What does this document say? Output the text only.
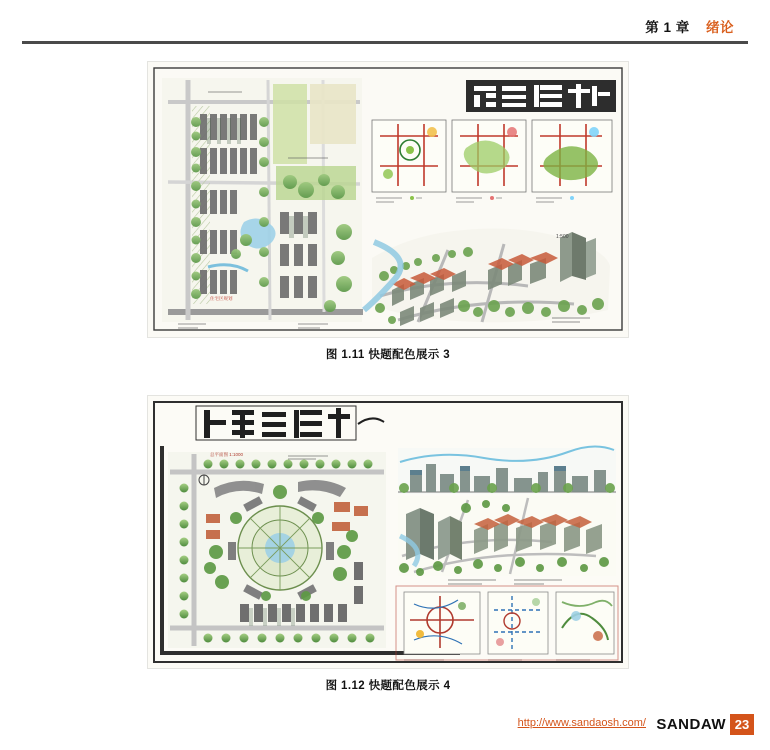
第 1 章 绪论
住宅区规划
1:500
图 1.11 快题配色展示 3
总平面图 1:1000
图 1.12 快题配色展示 4
http://www.sandaosh.com/ SANDAW 23
